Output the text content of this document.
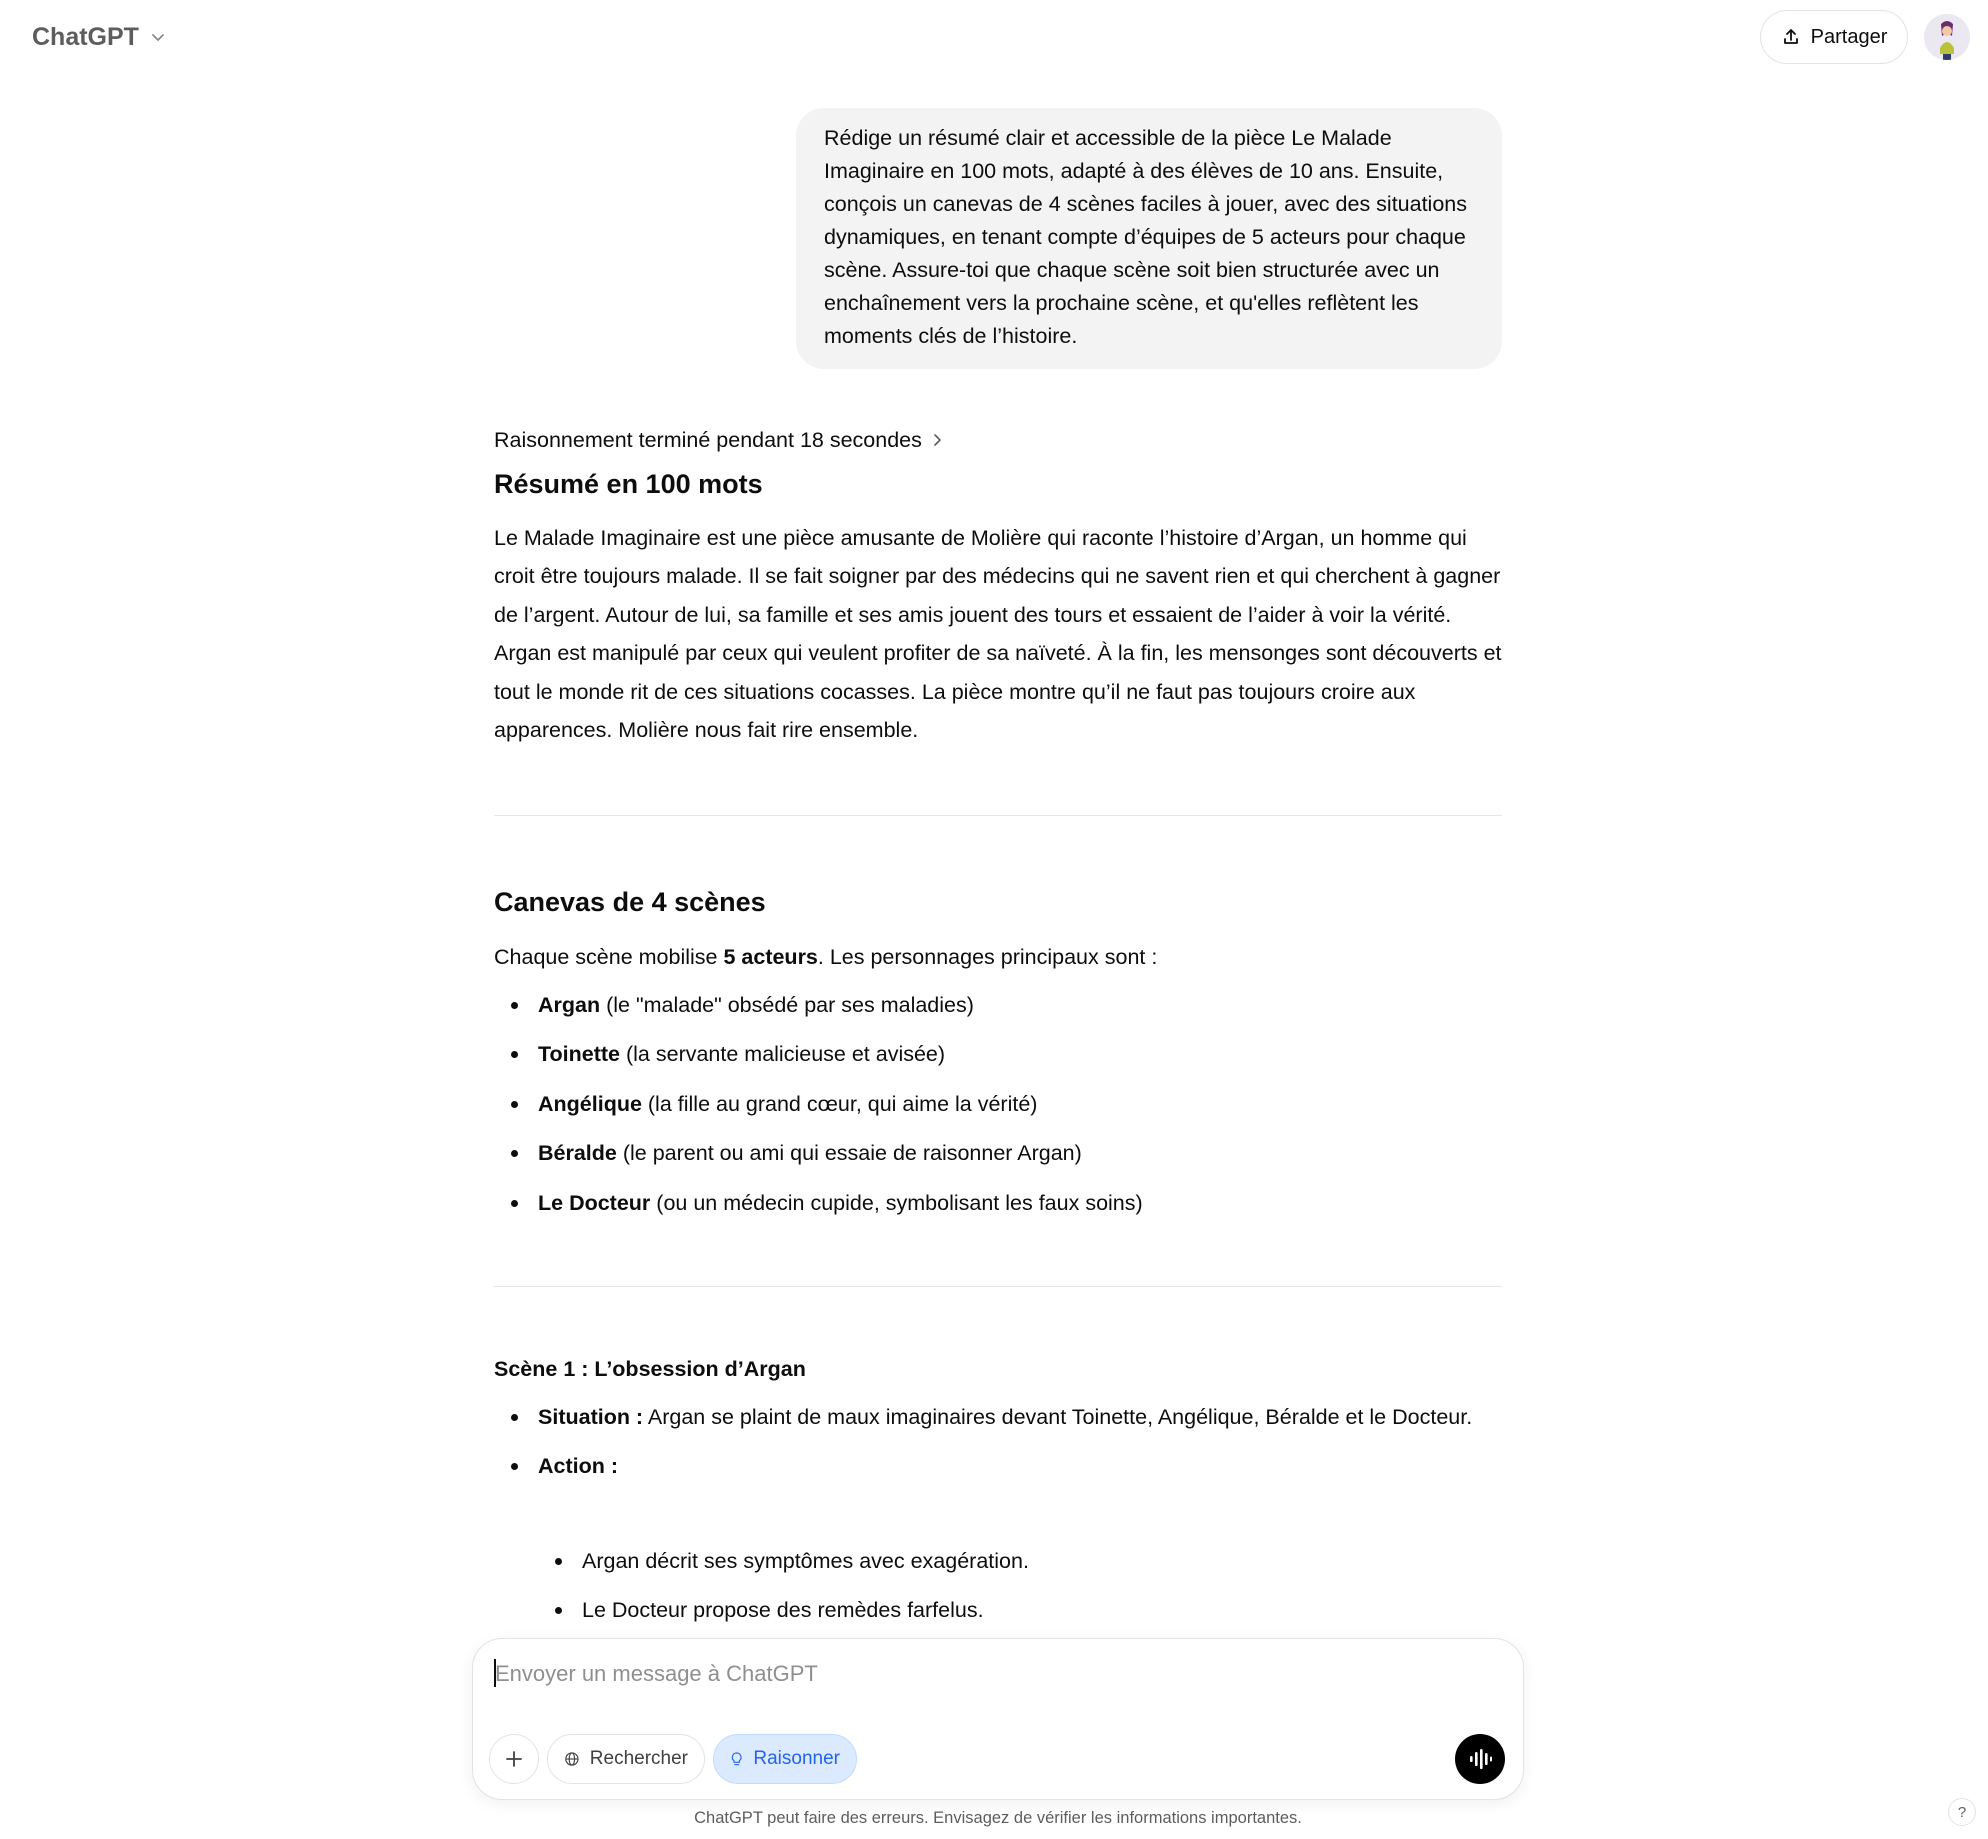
ChatGPT	Partager
Rédige un résumé clair et accessible de la pièce Le Malade Imaginaire en 100 mots, adapté à des élèves de 10 ans. Ensuite, conçois un canevas de 4 scènes faciles à jouer, avec des situations dynamiques, en tenant compte d’équipes de 5 acteurs pour chaque scène. Assure-toi que chaque scène soit bien structurée avec un enchaînement vers la prochaine scène, et qu'elles reflètent les moments clés de l’histoire.
Raisonnement terminé pendant 18 secondes
Résumé en 100 mots

Le Malade Imaginaire est une pièce amusante de Molière qui raconte l’histoire d’Argan, un homme qui croit être toujours malade. Il se fait soigner par des médecins qui ne savent rien et qui cherchent à gagner de l’argent. Autour de lui, sa famille et ses amis jouent des tours et essaient de l’aider à voir la vérité. Argan est manipulé par ceux qui veulent profiter de sa naïveté. À la fin, les mensonges sont découverts et tout le monde rit de ces situations cocasses. La pièce montre qu’il ne faut pas toujours croire aux apparences. Molière nous fait rire ensemble.

Canevas de 4 scènes

Chaque scène mobilise 5 acteurs. Les personnages principaux sont :

Argan (le "malade" obsédé par ses maladies)
Toinette (la servante malicieuse et avisée)
Angélique (la fille au grand cœur, qui aime la vérité)
Béralde (le parent ou ami qui essaie de raisonner Argan)
Le Docteur (ou un médecin cupide, symbolisant les faux soins)
Scène 1 : L’obsession d’Argan
Situation : Argan se plaint de maux imaginaires devant Toinette, Angélique, Béralde et le Docteur.
Action :
Argan décrit ses symptômes avec exagération.
Le Docteur propose des remèdes farfelus.
Envoyer un message à ChatGPT
Rechercher	Raisonner
ChatGPT peut faire des erreurs. Envisagez de vérifier les informations importantes.	?
